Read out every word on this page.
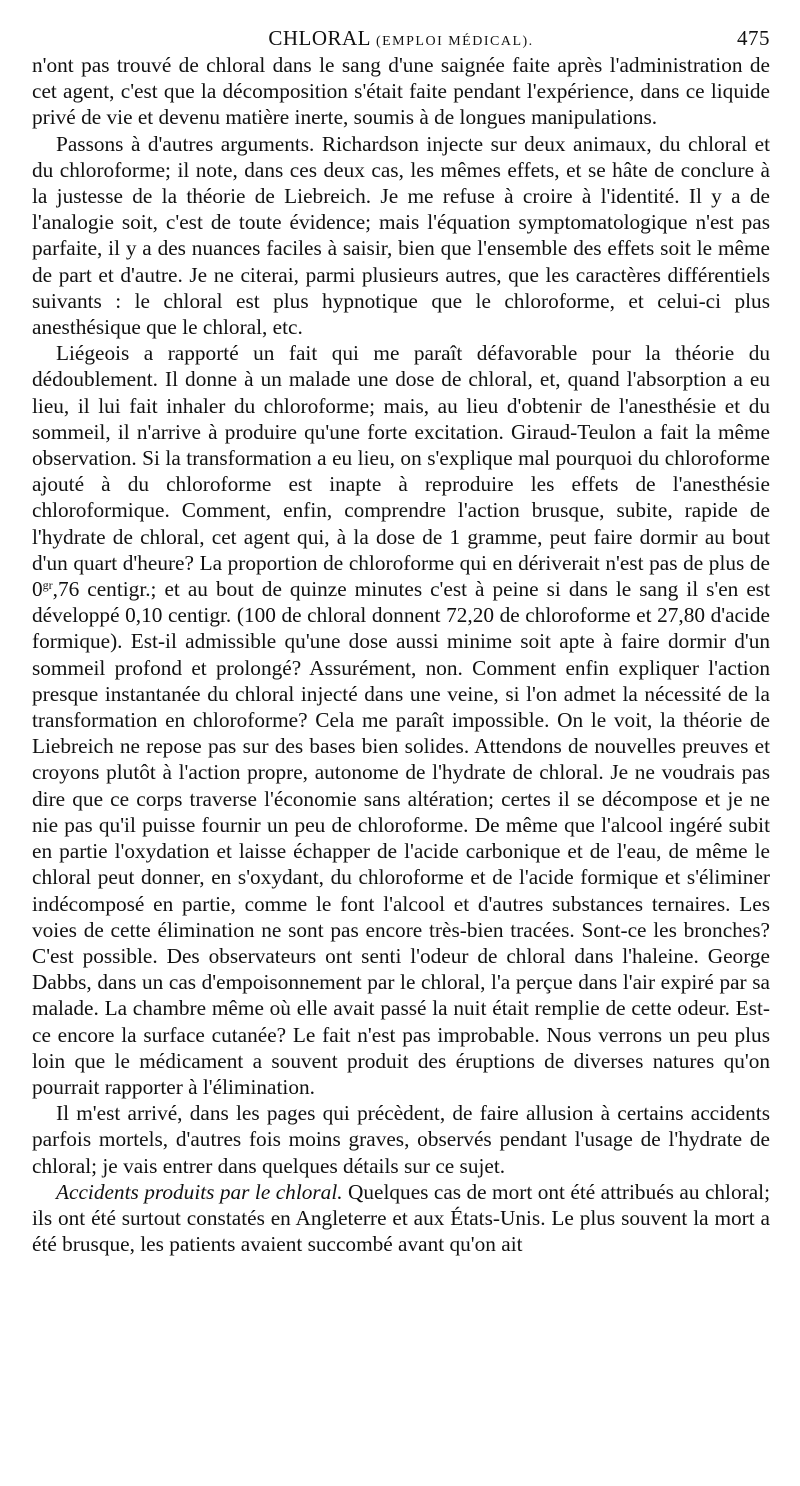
CHLORAL (EMPLOI MÉDICAL).	475

n'ont pas trouvé de chloral dans le sang d'une saignée faite après l'administration de cet agent, c'est que la décomposition s'était faite pendant l'expérience, dans ce liquide privé de vie et devenu matière inerte, soumis à de longues manipulations.

Passons à d'autres arguments. Richardson injecte sur deux animaux, du chloral et du chloroforme; il note, dans ces deux cas, les mêmes effets, et se hâte de conclure à la justesse de la théorie de Liebreich. Je me refuse à croire à l'identité. Il y a de l'analogie soit, c'est de toute évidence; mais l'équation symptomatologique n'est pas parfaite, il y a des nuances faciles à saisir, bien que l'ensemble des effets soit le même de part et d'autre. Je ne citerai, parmi plusieurs autres, que les caractères différentiels suivants : le chloral est plus hypnotique que le chloroforme, et celui-ci plus anesthésique que le chloral, etc.

Liégeois a rapporté un fait qui me paraît défavorable pour la théorie du dédoublement. Il donne à un malade une dose de chloral, et, quand l'absorption a eu lieu, il lui fait inhaler du chloroforme; mais, au lieu d'obtenir de l'anesthésie et du sommeil, il n'arrive à produire qu'une forte excitation. Giraud-Teulon a fait la même observation. Si la transformation a eu lieu, on s'explique mal pourquoi du chloroforme ajouté à du chloroforme est inapte à reproduire les effets de l'anesthésie chloroformique. Comment, enfin, comprendre l'action brusque, subite, rapide de l'hydrate de chloral, cet agent qui, à la dose de 1 gramme, peut faire dormir au bout d'un quart d'heure? La proportion de chloroforme qui en dériverait n'est pas de plus de $0^{gr},76$ centigr.; et au bout de quinze minutes c'est à peine si dans le sang il s'en est développé 0,10 centigr. (100 de chloral donnent 72,20 de chloroforme et 27,80 d'acide formique). Est-il admissible qu'une dose aussi minime soit apte à faire dormir d'un sommeil profond et prolongé? Assurément, non. Comment enfin expliquer l'action presque instantanée du chloral injecté dans une veine, si l'on admet la nécessité de la transformation en chloroforme? Cela me paraît impossible. On le voit, la théorie de Liebreich ne repose pas sur des bases bien solides. Attendons de nouvelles preuves et croyons plutôt à l'action propre, autonome de l'hydrate de chloral. Je ne voudrais pas dire que ce corps traverse l'économie sans altération; certes il se décompose et je ne nie pas qu'il puisse fournir un peu de chloroforme. De même que l'alcool ingéré subit en partie l'oxydation et laisse échapper de l'acide carbonique et de l'eau, de même le chloral peut donner, en s'oxydant, du chloroforme et de l'acide formique et s'éliminer indécomposé en partie, comme le font l'alcool et d'autres substances ternaires. Les voies de cette élimination ne sont pas encore très-bien tracées. Sont-ce les bronches? C'est possible. Des observateurs ont senti l'odeur de chloral dans l'haleine. George Dabbs, dans un cas d'empoisonnement par le chloral, l'a perçue dans l'air expiré par sa malade. La chambre même où elle avait passé la nuit était remplie de cette odeur. Est-ce encore la surface cutanée? Le fait n'est pas improbable. Nous verrons un peu plus loin que le médicament a souvent produit des éruptions de diverses natures qu'on pourrait rapporter à l'élimination.

Il m'est arrivé, dans les pages qui précèdent, de faire allusion à certains accidents parfois mortels, d'autres fois moins graves, observés pendant l'usage de l'hydrate de chloral; je vais entrer dans quelques détails sur ce sujet.

Accidents produits par le chloral. Quelques cas de mort ont été attribués au chloral; ils ont été surtout constatés en Angleterre et aux États-Unis. Le plus souvent la mort a été brusque, les patients avaient succombé avant qu'on ait
